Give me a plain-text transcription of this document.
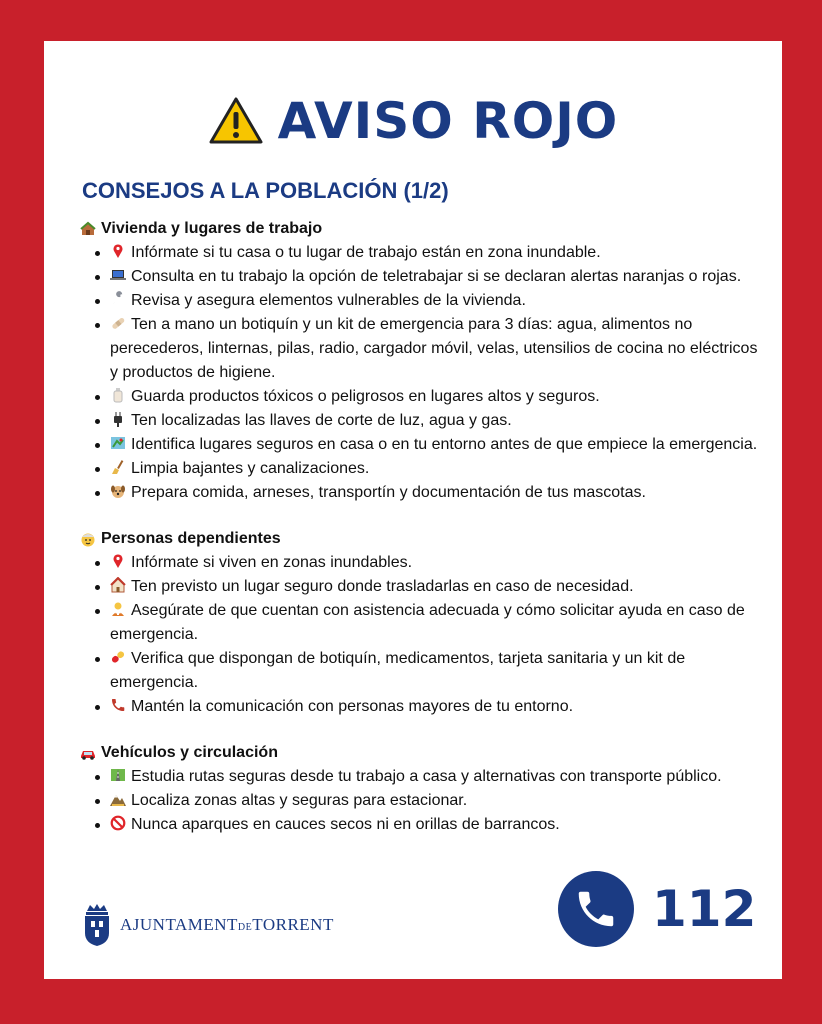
AVISO ROJO
CONSEJOS A LA POBLACIÓN (1/2)
Vivienda y lugares de trabajo
Infórmate si tu casa o tu lugar de trabajo están en zona inundable.
Consulta en tu trabajo la opción de teletrabajar si se declaran alertas naranjas o rojas.
Revisa y asegura elementos vulnerables de la vivienda.
Ten a mano un botiquín y un kit de emergencia para 3 días: agua, alimentos no perecederos, linternas, pilas, radio, cargador móvil, velas, utensilios de cocina no eléctricos y productos de higiene.
Guarda productos tóxicos o peligrosos en lugares altos y seguros.
Ten localizadas las llaves de corte de luz, agua y gas.
Identifica lugares seguros en casa o en tu entorno antes de que empiece la emergencia.
Limpia bajantes y canalizaciones.
Prepara comida, arneses, transportín y documentación de tus mascotas.
Personas dependientes
Infórmate si viven en zonas inundables.
Ten previsto un lugar seguro donde trasladarlas en caso de necesidad.
Asegúrate de que cuentan con asistencia adecuada y cómo solicitar ayuda en caso de emergencia.
Verifica que dispongan de botiquín, medicamentos, tarjeta sanitaria y un kit de emergencia.
Mantén la comunicación con personas mayores de tu entorno.
Vehículos y circulación
Estudia rutas seguras desde tu trabajo a casa y alternativas con transporte público.
Localiza zonas altas y seguras para estacionar.
Nunca aparques en cauces secos ni en orillas de barrancos.
AJUNTAMENTDETORRENT	112
